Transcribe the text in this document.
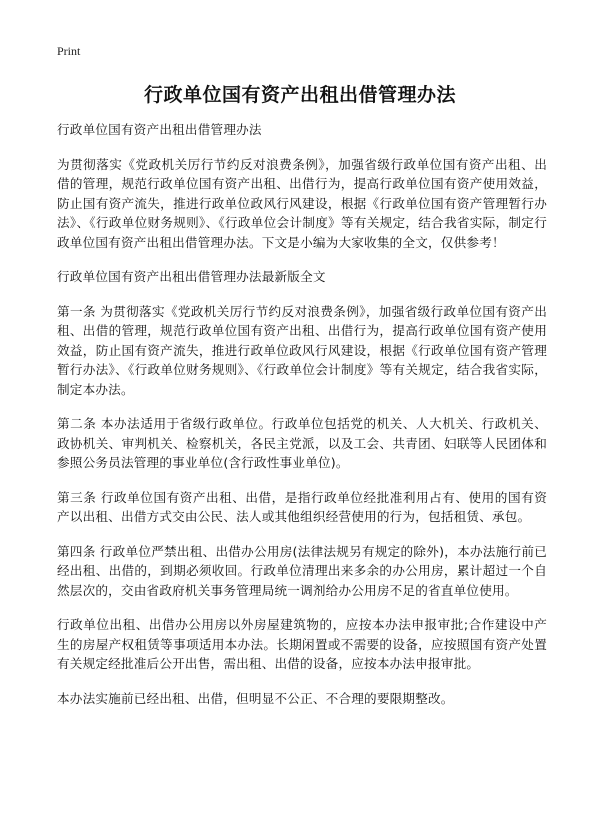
Print
行政单位国有资产出租出借管理办法

行政单位国有资产出租出借管理办法

为贯彻落实《党政机关厉行节约反对浪费条例》，加强省级行政单位国有资产出租、出借的管理，规范行政单位国有资产出租、出借行为，提高行政单位国有资产使用效益，防止国有资产流失，推进行政单位政风行风建设，根据《行政单位国有资产管理暂行办法》、《行政单位财务规则》、《行政单位会计制度》等有关规定，结合我省实际，制定行政单位国有资产出租出借管理办法。下文是小编为大家收集的全文，仅供参考！

行政单位国有资产出租出借管理办法最新版全文

第一条 为贯彻落实《党政机关厉行节约反对浪费条例》，加强省级行政单位国有资产出租、出借的管理，规范行政单位国有资产出租、出借行为，提高行政单位国有资产使用效益，防止国有资产流失，推进行政单位政风行风建设，根据《行政单位国有资产管理暂行办法》、《行政单位财务规则》、《行政单位会计制度》等有关规定，结合我省实际，制定本办法。

第二条 本办法适用于省级行政单位。行政单位包括党的机关、人大机关、行政机关、政协机关、审判机关、检察机关，各民主党派，以及工会、共青团、妇联等人民团体和参照公务员法管理的事业单位(含行政性事业单位)。

第三条 行政单位国有资产出租、出借，是指行政单位经批准利用占有、使用的国有资产以出租、出借方式交由公民、法人或其他组织经营使用的行为，包括租赁、承包。

第四条 行政单位严禁出租、出借办公用房(法律法规另有规定的除外)，本办法施行前已经出租、出借的，到期必须收回。行政单位清理出来多余的办公用房，累计超过一个自然层次的，交由省政府机关事务管理局统一调剂给办公用房不足的省直单位使用。

行政单位出租、出借办公用房以外房屋建筑物的，应按本办法申报审批;合作建设中产生的房屋产权租赁等事项适用本办法。长期闲置或不需要的设备，应按照国有资产处置有关规定经批准后公开出售，需出租、出借的设备，应按本办法申报审批。

本办法实施前已经出租、出借，但明显不公正、不合理的要限期整改。
